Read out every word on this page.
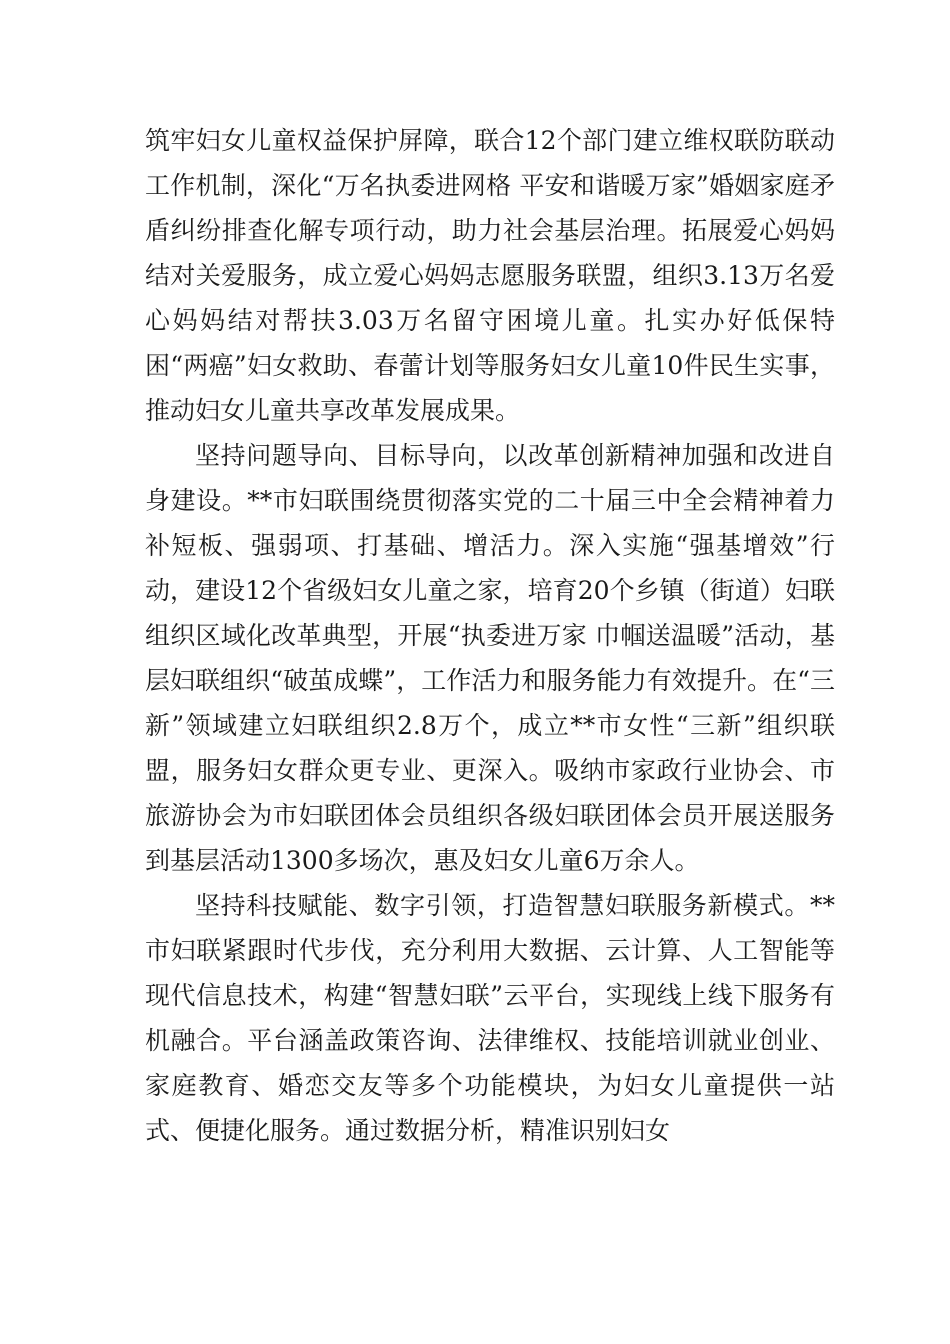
筑牢妇女儿童权益保护屏障，联合12个部门建立维权联防联动工作机制，深化“万名执委进网格 平安和谐暖万家”婚姻家庭矛盾纠纷排查化解专项行动，助力社会基层治理。拓展爱心妈妈结对关爱服务，成立爱心妈妈志愿服务联盟，组织3.13万名爱心妈妈结对帮扶3.03万名留守困境儿童。扎实办好低保特困“两癌”妇女救助、春蕾计划等服务妇女儿童10件民生实事，推动妇女儿童共享改革发展成果。

坚持问题导向、目标导向，以改革创新精神加强和改进自身建设。**市妇联围绕贯彻落实党的二十届三中全会精神着力补短板、强弱项、打基础、增活力。深入实施“强基增效”行动，建设12个省级妇女儿童之家，培育20个乡镇（街道）妇联组织区域化改革典型，开展“执委进万家 巾帼送温暖”活动，基层妇联组织“破茧成蝶”，工作活力和服务能力有效提升。在“三新”领域建立妇联组织2.8万个，成立**市女性“三新”组织联盟，服务妇女群众更专业、更深入。吸纳市家政行业协会、市旅游协会为市妇联团体会员组织各级妇联团体会员开展送服务到基层活动1300多场次，惠及妇女儿童6万余人。

坚持科技赋能、数字引领，打造智慧妇联服务新模式。**市妇联紧跟时代步伐，充分利用大数据、云计算、人工智能等现代信息技术，构建“智慧妇联”云平台，实现线上线下服务有机融合。平台涵盖政策咨询、法律维权、技能培训就业创业、家庭教育、婚恋交友等多个功能模块，为妇女儿童提供一站式、便捷化服务。通过数据分析，精准识别妇女
